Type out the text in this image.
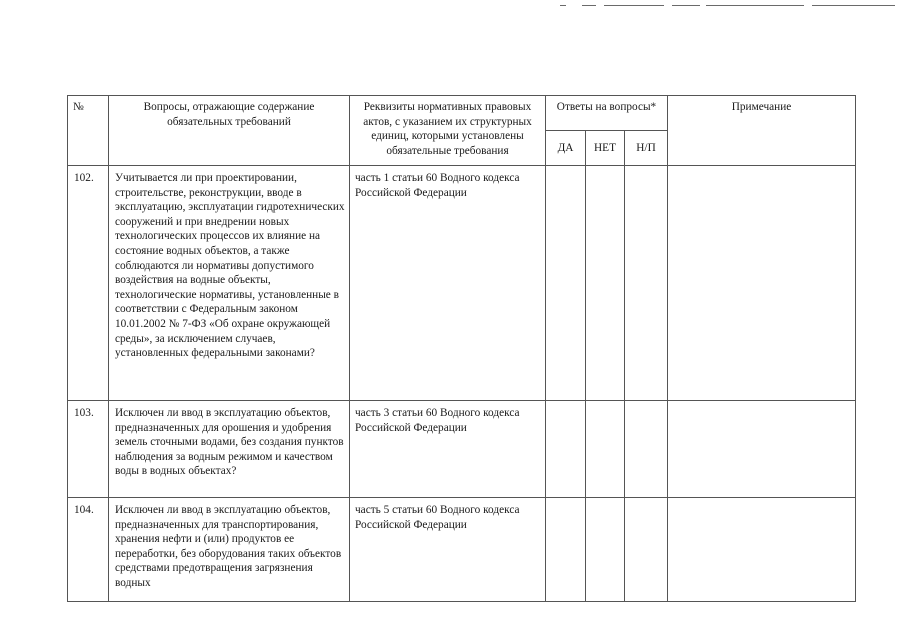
№	Вопросы, отражающие содержание обязательных требований	Реквизиты нормативных правовых актов, с указанием их структурных единиц, которыми установлены обязательные требования	Ответы на вопросы*			Примечание
			ДА	НЕТ	Н/П	
102.	Учитывается ли при проектировании, строительстве, реконструкции, вводе в эксплуатацию, эксплуатации гидротехнических сооружений и при внедрении новых технологических процессов их влияние на состояние водных объектов, а также соблюдаются ли нормативы допустимого воздействия на водные объекты, технологические нормативы, установленные в соответствии с Федеральным законом 10.01.2002 № 7-ФЗ «Об охране окружающей среды», за исключением случаев, установленных федеральными законами?	часть 1 статьи 60 Водного кодекса Российской Федерации				
103.	Исключен ли ввод в эксплуатацию объектов, предназначенных для орошения и удобрения земель сточными водами, без создания пунктов наблюдения за водным режимом и качеством воды в водных объектах?	часть 3 статьи 60 Водного кодекса Российской Федерации				
104.	Исключен ли ввод в эксплуатацию объектов, предназначенных для транспортирования, хранения нефти и (или) продуктов ее переработки, без оборудования таких объектов средствами предотвращения загрязнения водных	часть 5 статьи 60 Водного кодекса Российской Федерации				
